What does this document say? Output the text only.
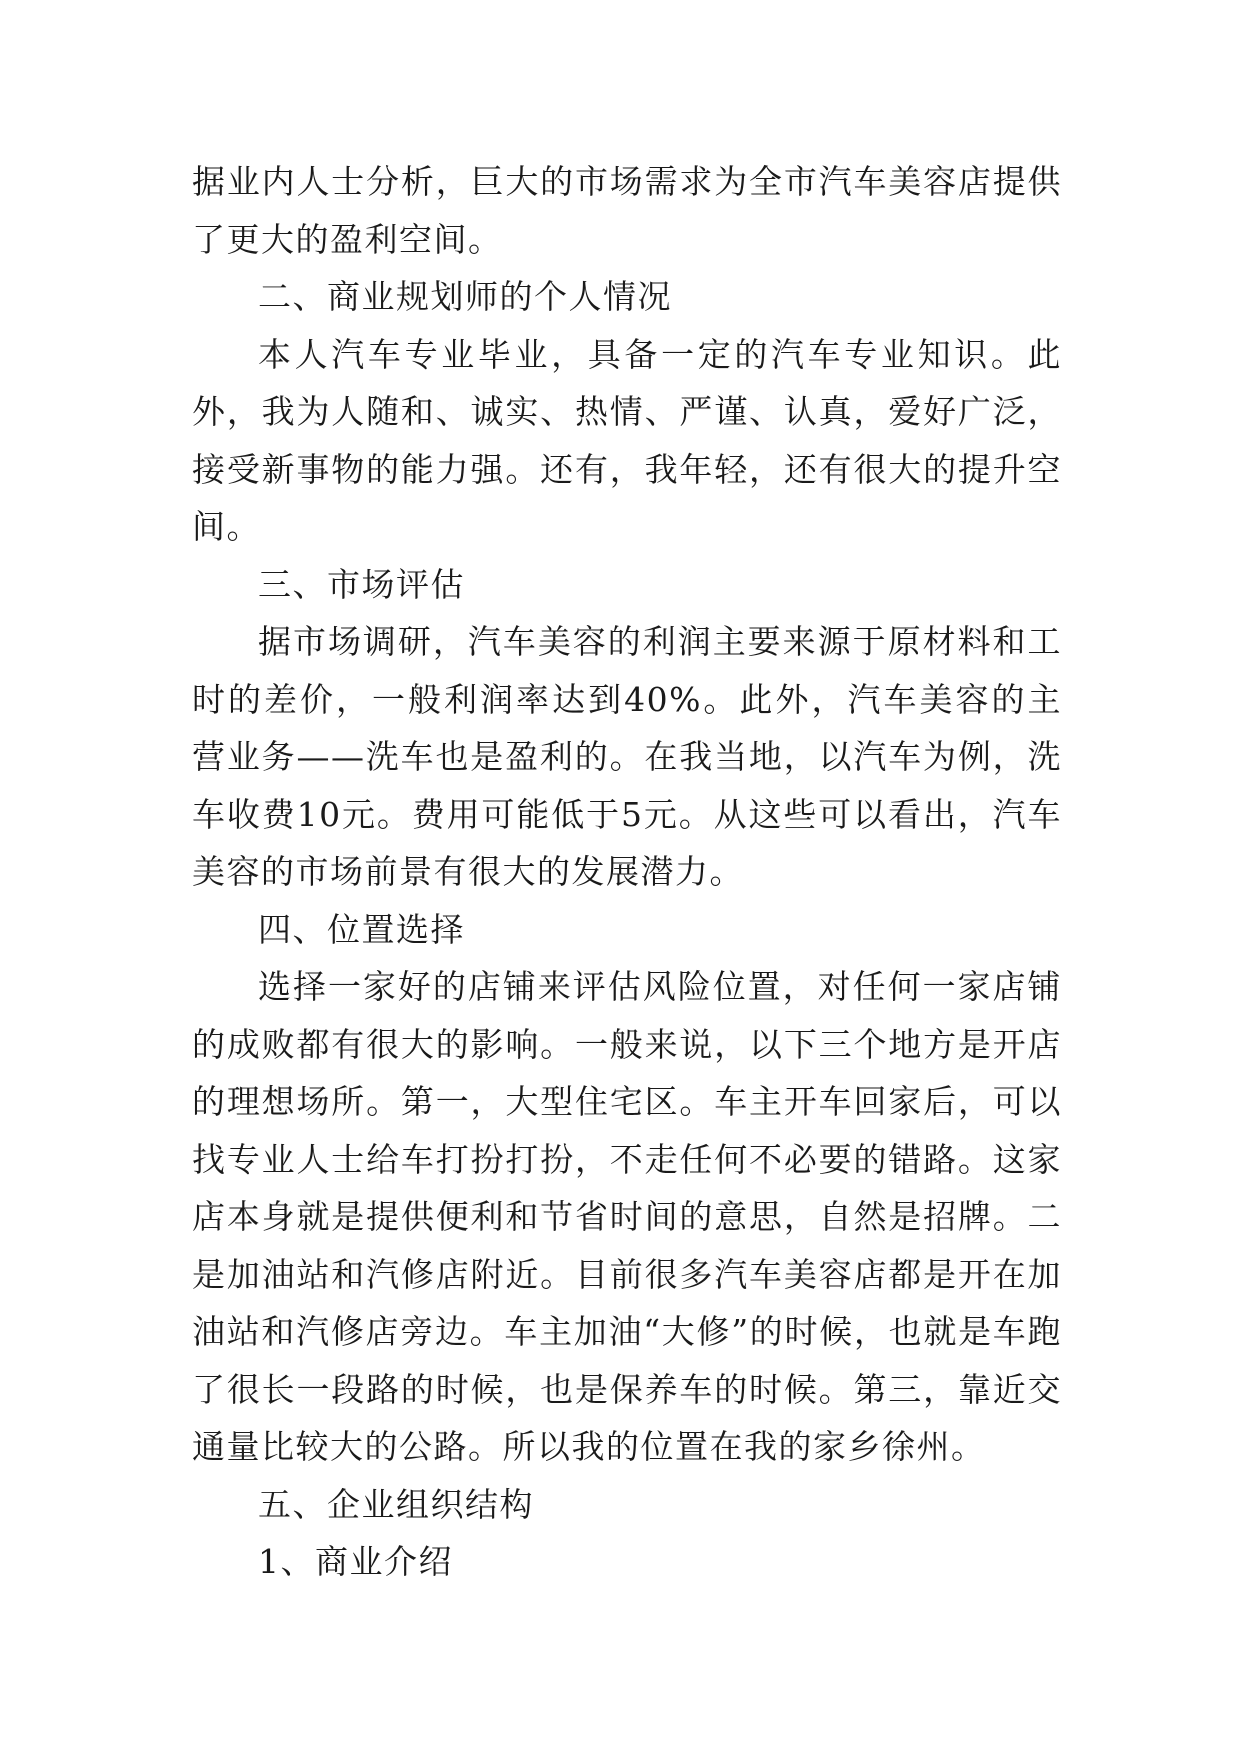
据业内人士分析，巨大的市场需求为全市汽车美容店提供了更大的盈利空间。

二、商业规划师的个人情况

本人汽车专业毕业，具备一定的汽车专业知识。此外，我为人随和、诚实、热情、严谨、认真，爱好广泛，接受新事物的能力强。还有，我年轻，还有很大的提升空间。

三、市场评估

据市场调研，汽车美容的利润主要来源于原材料和工时的差价，一般利润率达到40%。此外，汽车美容的主营业务——洗车也是盈利的。在我当地，以汽车为例，洗车收费10元。费用可能低于5元。从这些可以看出，汽车美容的市场前景有很大的发展潜力。

四、位置选择

选择一家好的店铺来评估风险位置，对任何一家店铺的成败都有很大的影响。一般来说，以下三个地方是开店的理想场所。第一，大型住宅区。车主开车回家后，可以找专业人士给车打扮打扮，不走任何不必要的错路。这家店本身就是提供便利和节省时间的意思，自然是招牌。二是加油站和汽修店附近。目前很多汽车美容店都是开在加油站和汽修店旁边。车主加油“大修”的时候，也就是车跑了很长一段路的时候，也是保养车的时候。第三，靠近交通量比较大的公路。所以我的位置在我的家乡徐州。

五、企业组织结构

1、商业介绍
